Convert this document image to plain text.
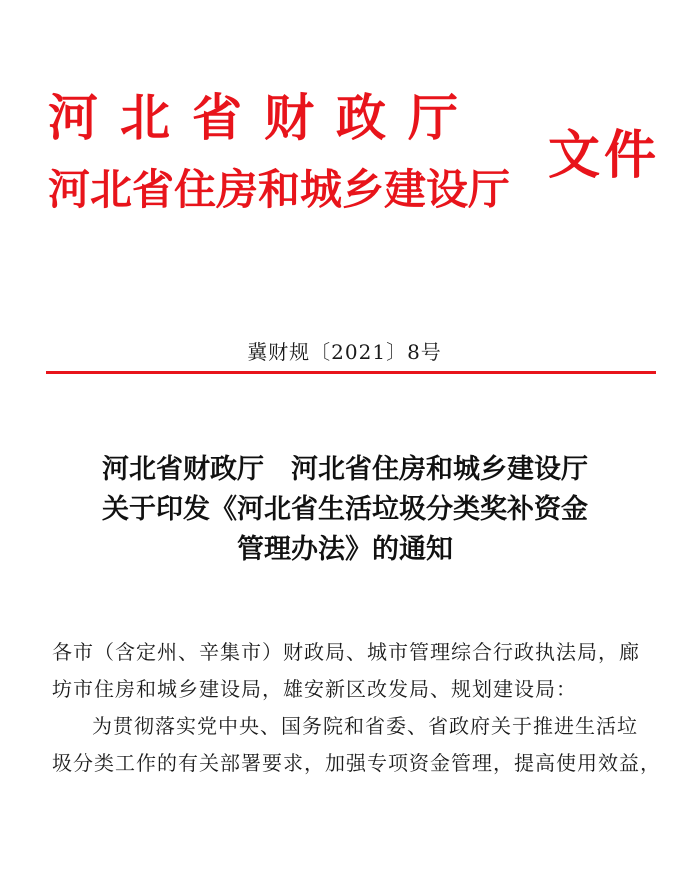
河北省财政厅
河北省住房和城乡建设厅
文件
冀财规〔2021〕8号
河北省财政厅　河北省住房和城乡建设厅
关于印发《河北省生活垃圾分类奖补资金
管理办法》的通知
各市（含定州、辛集市）财政局、城市管理综合行政执法局，廊
坊市住房和城乡建设局，雄安新区改发局、规划建设局：
为贯彻落实党中央、国务院和省委、省政府关于推进生活垃
圾分类工作的有关部署要求，加强专项资金管理，提高使用效益，
